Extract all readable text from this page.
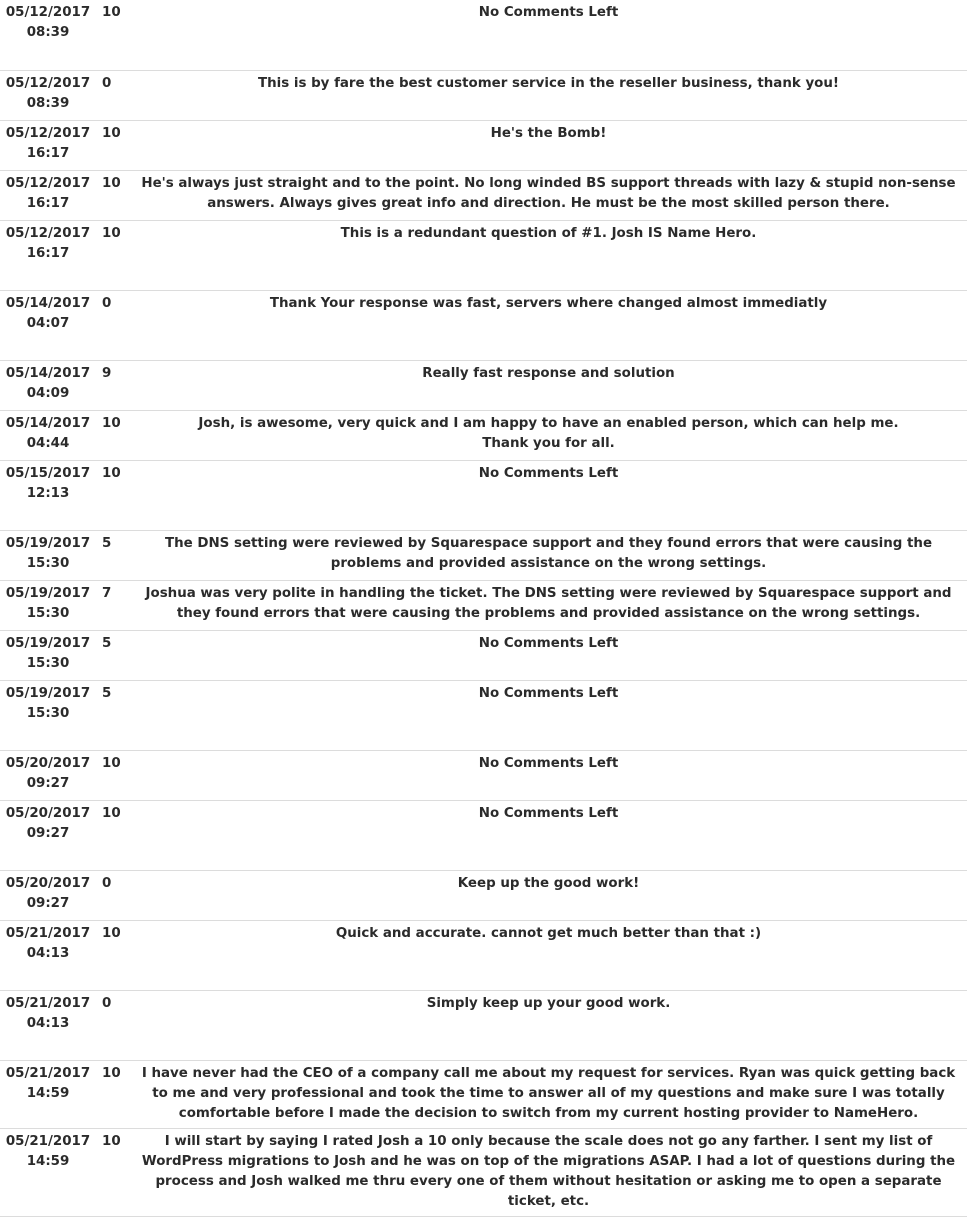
05/12/2017
08:39	10	No Comments Left

05/12/2017
08:39	0	This is by fare the best customer service in the reseller business, thank you!

05/12/2017
16:17	10	He's the Bomb!

05/12/2017
16:17	10	He's always just straight and to the point. No long winded BS support threads with lazy & stupid non-sense answers. Always gives great info and direction. He must be the most skilled person there.

05/12/2017
16:17	10	This is a redundant question of #1. Josh IS Name Hero.

05/14/2017
04:07	0	Thank Your response was fast, servers where changed almost immediatly

05/14/2017
04:09	9	Really fast response and solution

05/14/2017
04:44	10	Josh, is awesome, very quick and I am happy to have an enabled person, which can help me.
Thank you for all.

05/15/2017
12:13	10	No Comments Left

05/19/2017
15:30	5	The DNS setting were reviewed by Squarespace support and they found errors that were causing the problems and provided assistance on the wrong settings.

05/19/2017
15:30	7	Joshua was very polite in handling the ticket. The DNS setting were reviewed by Squarespace support and they found errors that were causing the problems and provided assistance on the wrong settings.

05/19/2017
15:30	5	No Comments Left

05/19/2017
15:30	5	No Comments Left

05/20/2017
09:27	10	No Comments Left

05/20/2017
09:27	10	No Comments Left

05/20/2017
09:27	0	Keep up the good work!

05/21/2017
04:13	10	Quick and accurate. cannot get much better than that :)

05/21/2017
04:13	0	Simply keep up your good work.

05/21/2017
14:59	10	I have never had the CEO of a company call me about my request for services. Ryan was quick getting back to me and very professional and took the time to answer all of my questions and make sure I was totally comfortable before I made the decision to switch from my current hosting provider to NameHero.

05/21/2017
14:59	10	I will start by saying I rated Josh a 10 only because the scale does not go any farther. I sent my list of WordPress migrations to Josh and he was on top of the migrations ASAP. I had a lot of questions during the process and Josh walked me thru every one of them without hesitation or asking me to open a separate ticket, etc.
